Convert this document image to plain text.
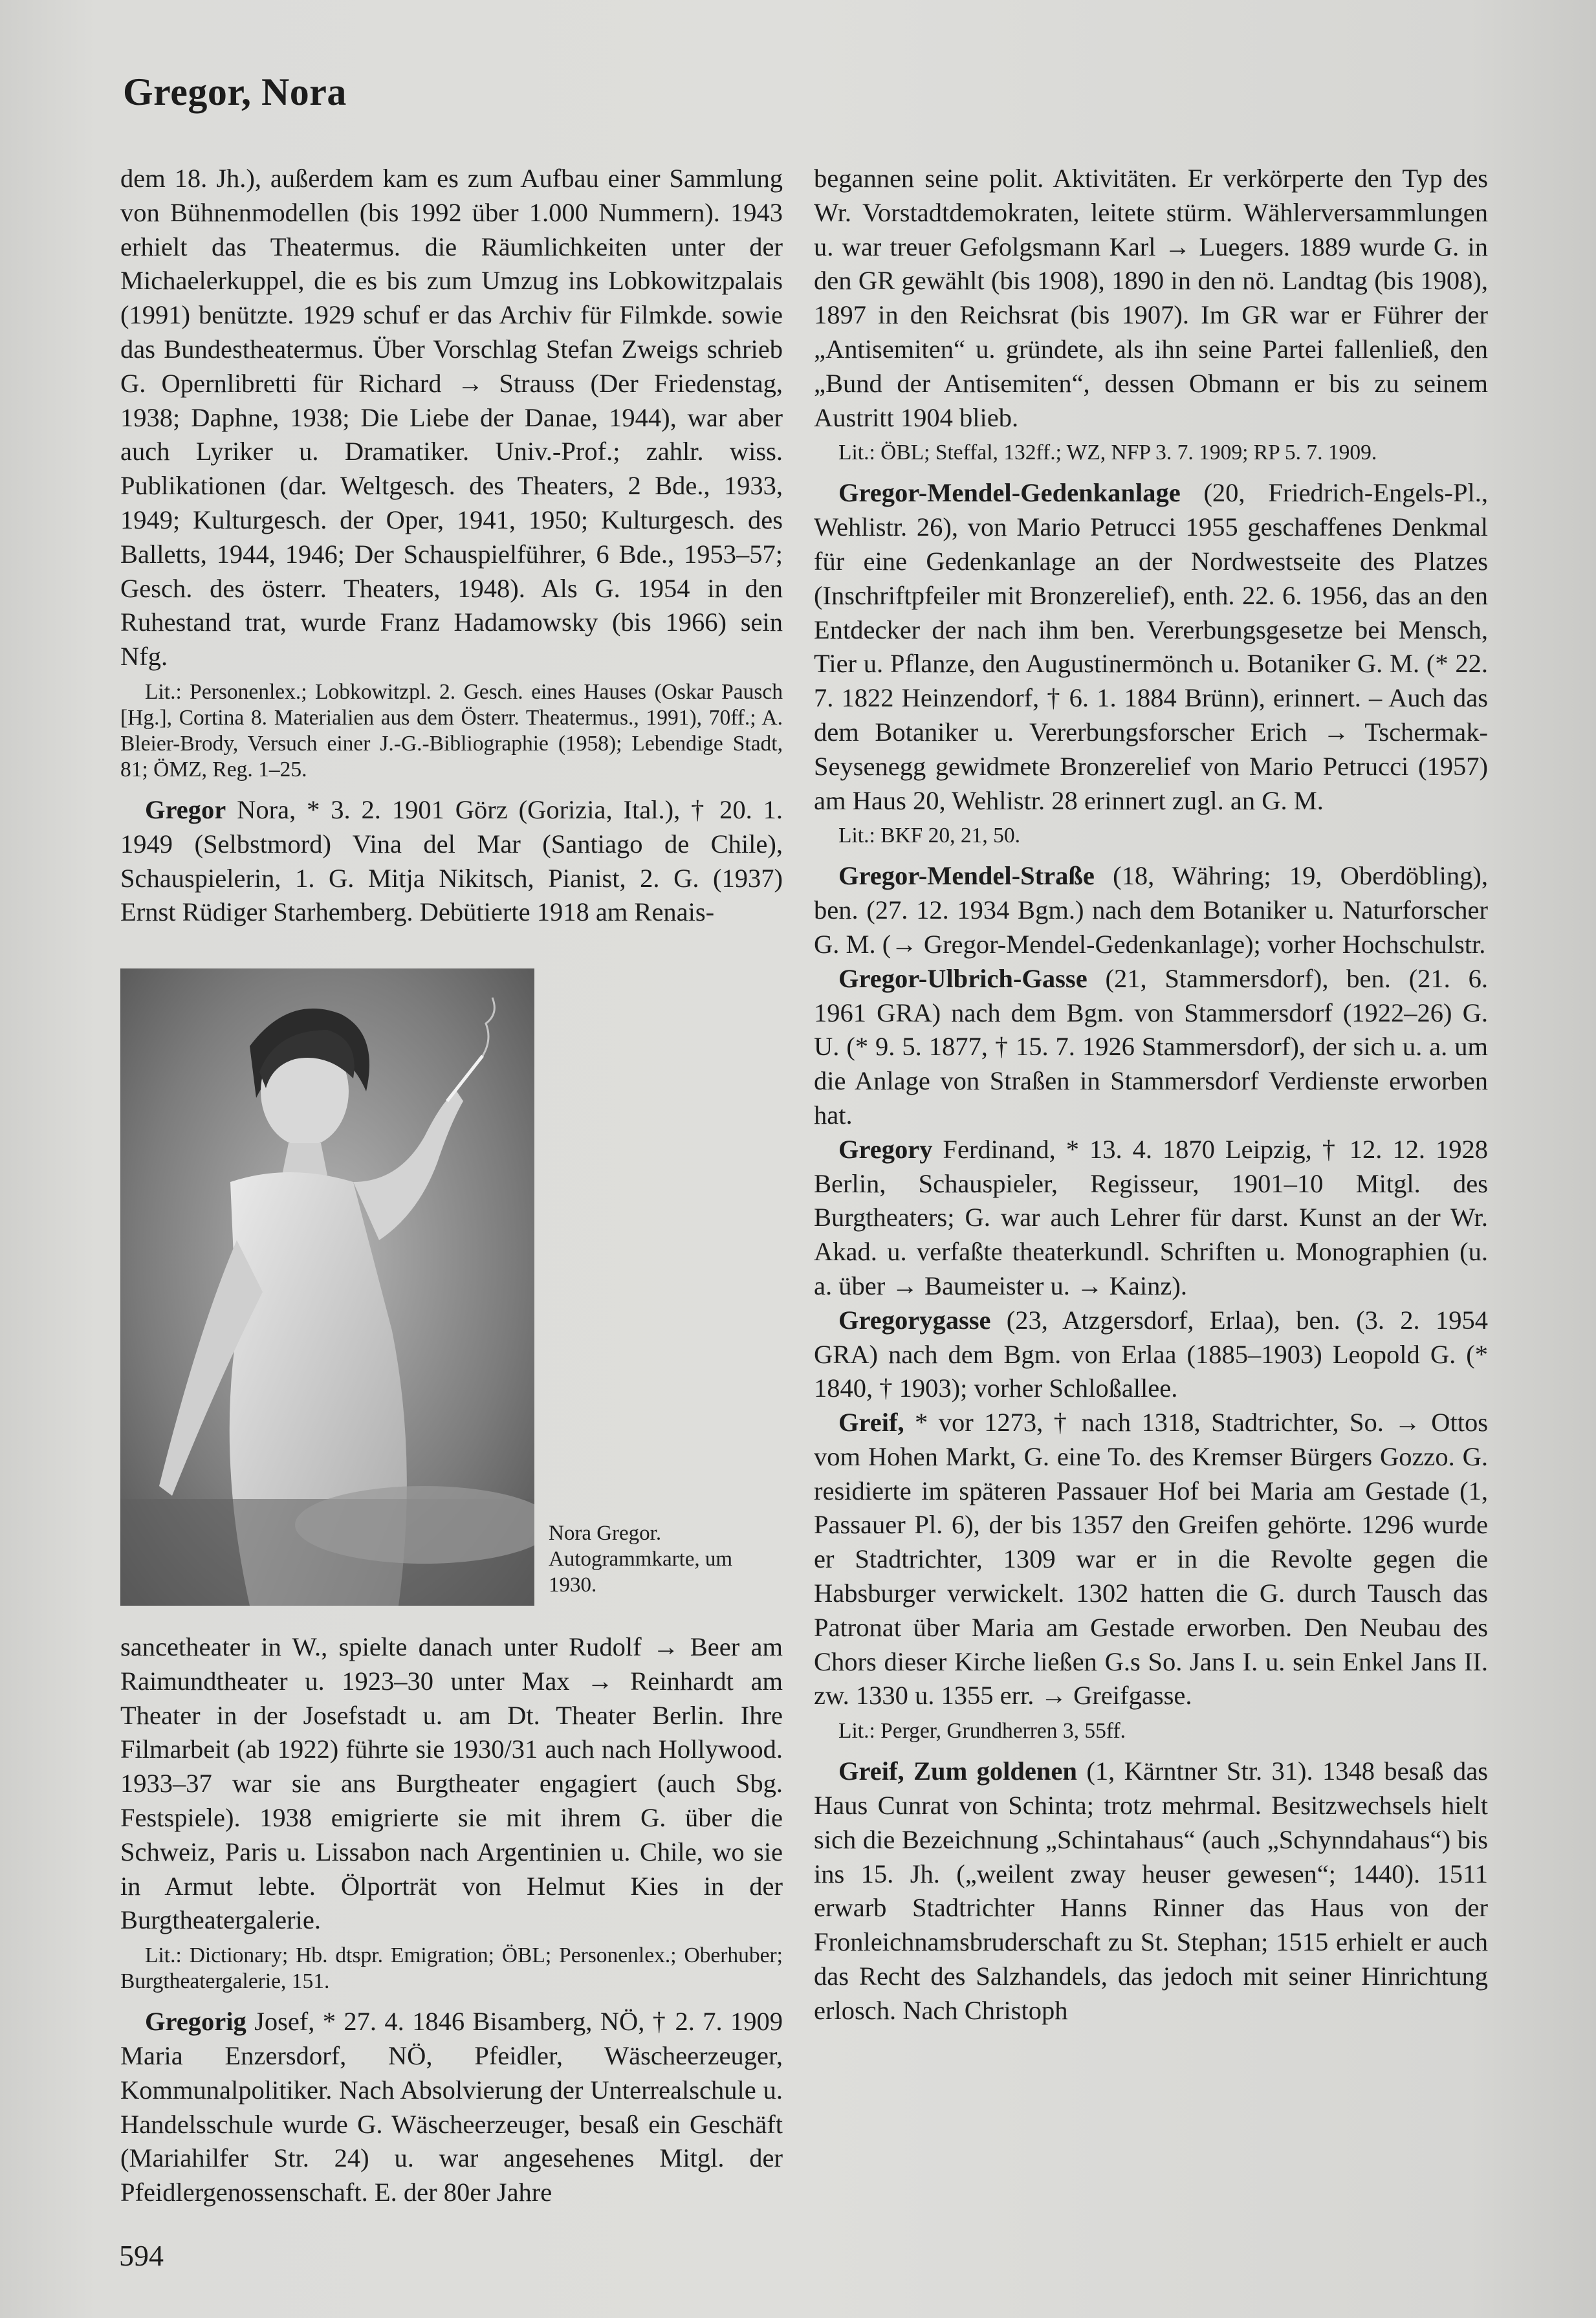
Gregor, Nora

dem 18. Jh.), außerdem kam es zum Aufbau einer Sammlung von Bühnenmodellen (bis 1992 über 1.000 Nummern). 1943 erhielt das Theatermus. die Räumlichkeiten unter der Michaelerkuppel, die es bis zum Umzug ins Lobkowitzpalais (1991) benützte. 1929 schuf er das Archiv für Filmkde. sowie das Bundestheatermus. Über Vorschlag Stefan Zweigs schrieb G. Opernlibretti für Richard → Strauss (Der Friedenstag, 1938; Daphne, 1938; Die Liebe der Danae, 1944), war aber auch Lyriker u. Dramatiker. Univ.-Prof.; zahlr. wiss. Publikationen (dar. Weltgesch. des Theaters, 2 Bde., 1933, 1949; Kulturgesch. der Oper, 1941, 1950; Kulturgesch. des Balletts, 1944, 1946; Der Schauspielführer, 6 Bde., 1953–57; Gesch. des österr. Theaters, 1948). Als G. 1954 in den Ruhestand trat, wurde Franz Hadamowsky (bis 1966) sein Nfg.

Lit.: Personenlex.; Lobkowitzpl. 2. Gesch. eines Hauses (Oskar Pausch [Hg.], Cortina 8. Materialien aus dem Österr. Theatermus., 1991), 70ff.; A. Bleier-Brody, Versuch einer J.-G.-Bibliographie (1958); Lebendige Stadt, 81; ÖMZ, Reg. 1–25.

Gregor Nora, * 3. 2. 1901 Görz (Gorizia, Ital.), † 20. 1. 1949 (Selbstmord) Vina del Mar (Santiago de Chile), Schauspielerin, 1. G. Mitja Nikitsch, Pianist, 2. G. (1937) Ernst Rüdiger Starhemberg. Debütierte 1918 am Renais-

Nora Gregor. Autogrammkarte, um 1930.

sancetheater in W., spielte danach unter Rudolf → Beer am Raimundtheater u. 1923–30 unter Max → Reinhardt am Theater in der Josefstadt u. am Dt. Theater Berlin. Ihre Filmarbeit (ab 1922) führte sie 1930/31 auch nach Hollywood. 1933–37 war sie ans Burgtheater engagiert (auch Sbg. Festspiele). 1938 emigrierte sie mit ihrem G. über die Schweiz, Paris u. Lissabon nach Argentinien u. Chile, wo sie in Armut lebte. Ölporträt von Helmut Kies in der Burgtheatergalerie.

Lit.: Dictionary; Hb. dtspr. Emigration; ÖBL; Personenlex.; Oberhuber; Burgtheatergalerie, 151.

Gregorig Josef, * 27. 4. 1846 Bisamberg, NÖ, † 2. 7. 1909 Maria Enzersdorf, NÖ, Pfeidler, Wäscheerzeuger, Kommunalpolitiker. Nach Absolvierung der Unterrealschule u. Handelsschule wurde G. Wäscheerzeuger, besaß ein Geschäft (Mariahilfer Str. 24) u. war angesehenes Mitgl. der Pfeidlergenossenschaft. E. der 80er Jahre

begannen seine polit. Aktivitäten. Er verkörperte den Typ des Wr. Vorstadtdemokraten, leitete stürm. Wählerversammlungen u. war treuer Gefolgsmann Karl → Luegers. 1889 wurde G. in den GR gewählt (bis 1908), 1890 in den nö. Landtag (bis 1908), 1897 in den Reichsrat (bis 1907). Im GR war er Führer der „Antisemiten“ u. gründete, als ihn seine Partei fallenließ, den „Bund der Antisemiten“, dessen Obmann er bis zu seinem Austritt 1904 blieb.

Lit.: ÖBL; Steffal, 132ff.; WZ, NFP 3. 7. 1909; RP 5. 7. 1909.

Gregor-Mendel-Gedenkanlage (20, Friedrich-Engels-Pl., Wehlistr. 26), von Mario Petrucci 1955 geschaffenes Denkmal für eine Gedenkanlage an der Nordwestseite des Platzes (Inschriftpfeiler mit Bronzerelief), enth. 22. 6. 1956, das an den Entdecker der nach ihm ben. Vererbungsgesetze bei Mensch, Tier u. Pflanze, den Augustinermönch u. Botaniker G. M. (* 22. 7. 1822 Heinzendorf, † 6. 1. 1884 Brünn), erinnert. – Auch das dem Botaniker u. Vererbungsforscher Erich → Tschermak-Seysenegg gewidmete Bronzerelief von Mario Petrucci (1957) am Haus 20, Wehlistr. 28 erinnert zugl. an G. M.

Lit.: BKF 20, 21, 50.

Gregor-Mendel-Straße (18, Währing; 19, Oberdöbling), ben. (27. 12. 1934 Bgm.) nach dem Botaniker u. Naturforscher G. M. (→ Gregor-Mendel-Gedenkanlage); vorher Hochschulstr.

Gregor-Ulbrich-Gasse (21, Stammersdorf), ben. (21. 6. 1961 GRA) nach dem Bgm. von Stammersdorf (1922–26) G. U. (* 9. 5. 1877, † 15. 7. 1926 Stammersdorf), der sich u. a. um die Anlage von Straßen in Stammersdorf Verdienste erworben hat.

Gregory Ferdinand, * 13. 4. 1870 Leipzig, † 12. 12. 1928 Berlin, Schauspieler, Regisseur, 1901–10 Mitgl. des Burgtheaters; G. war auch Lehrer für darst. Kunst an der Wr. Akad. u. verfaßte theaterkundl. Schriften u. Monographien (u. a. über → Baumeister u. → Kainz).

Gregorygasse (23, Atzgersdorf, Erlaa), ben. (3. 2. 1954 GRA) nach dem Bgm. von Erlaa (1885–1903) Leopold G. (* 1840, † 1903); vorher Schloßallee.

Greif, * vor 1273, † nach 1318, Stadtrichter, So. → Ottos vom Hohen Markt, G. eine To. des Kremser Bürgers Gozzo. G. residierte im späteren Passauer Hof bei Maria am Gestade (1, Passauer Pl. 6), der bis 1357 den Greifen gehörte. 1296 wurde er Stadtrichter, 1309 war er in die Revolte gegen die Habsburger verwickelt. 1302 hatten die G. durch Tausch das Patronat über Maria am Gestade erworben. Den Neubau des Chors dieser Kirche ließen G.s So. Jans I. u. sein Enkel Jans II. zw. 1330 u. 1355 err. → Greifgasse.

Lit.: Perger, Grundherren 3, 55ff.

Greif, Zum goldenen (1, Kärntner Str. 31). 1348 besaß das Haus Cunrat von Schinta; trotz mehrmal. Besitzwechsels hielt sich die Bezeichnung „Schintahaus“ (auch „Schynndahaus“) bis ins 15. Jh. („weilent zway heuser gewesen“; 1440). 1511 erwarb Stadtrichter Hanns Rinner das Haus von der Fronleichnamsbruderschaft zu St. Stephan; 1515 erhielt er auch das Recht des Salzhandels, das jedoch mit seiner Hinrichtung erlosch. Nach Christoph

594
